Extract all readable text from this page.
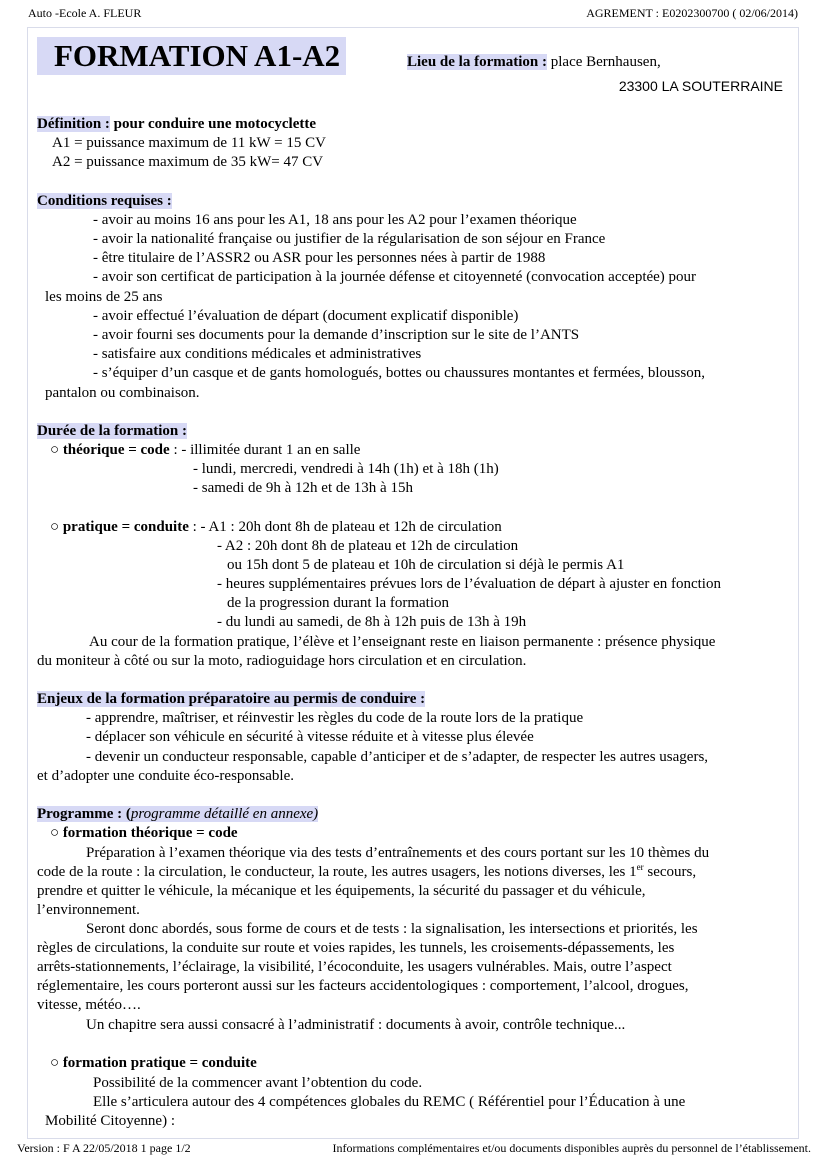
Auto -Ecole A. FLEUR	AGREMENT : E0202300700 ( 02/06/2014)
FORMATION A1-A2	Lieu de la formation : place Bernhausen,
23300 LA SOUTERRAINE
Définition : pour conduire une motocyclette
A1 = puissance maximum de 11 kW = 15 CV
A2 = puissance maximum de 35 kW= 47 CV
Conditions requises :
- avoir au moins 16 ans pour les A1, 18 ans pour les A2 pour l’examen théorique
- avoir la nationalité française ou justifier de la régularisation de son séjour en France
- être titulaire de l’ASSR2 ou ASR pour les personnes nées à partir de 1988
- avoir son certificat de participation à la journée défense et citoyenneté (convocation acceptée) pour
les moins de 25 ans
- avoir effectué l’évaluation de départ (document explicatif disponible)
- avoir fourni ses documents pour la demande d’inscription sur le site de l’ANTS
- satisfaire aux conditions médicales et administratives
- s’équiper d’un casque et de gants homologués, bottes ou chaussures montantes et fermées, blousson,
pantalon ou combinaison.
Durée de la formation :
○ théorique = code : - illimitée durant 1 an en salle
- lundi, mercredi, vendredi à 14h (1h) et à 18h (1h)
- samedi de 9h à 12h et de 13h à 15h
○ pratique = conduite : - A1 : 20h dont 8h de plateau et 12h de circulation
- A2 : 20h dont 8h de plateau et 12h de circulation
ou 15h dont 5 de plateau et 10h de circulation si déjà le permis A1
- heures supplémentaires prévues lors de l’évaluation de départ à ajuster en fonction
de la progression durant la formation
- du lundi au samedi, de 8h à 12h puis de 13h à 19h
Au cour de la formation pratique, l’élève et l’enseignant reste en liaison permanente : présence physique
du moniteur à côté ou sur la moto, radioguidage hors circulation et en circulation.
Enjeux de la formation préparatoire au permis de conduire :
- apprendre, maîtriser, et réinvestir les règles du code de la route lors de la pratique
- déplacer son véhicule en sécurité à vitesse réduite et à vitesse plus élevée
- devenir un conducteur responsable, capable d’anticiper et de s’adapter, de respecter les autres usagers,
et d’adopter une conduite éco-responsable.
Programme : (programme détaillé en annexe)
○ formation théorique = code
Préparation à l’examen théorique via des tests d’entraînements et des cours portant sur les 10 thèmes du
code de la route : la circulation, le conducteur, la route, les autres usagers, les notions diverses, les 1er secours,
prendre et quitter le véhicule, la mécanique et les équipements, la sécurité du passager et du véhicule,
l’environnement.
Seront donc abordés, sous forme de cours et de tests : la signalisation, les intersections et priorités, les
règles de circulations, la conduite sur route et voies rapides, les tunnels, les croisements-dépassements, les
arrêts-stationnements, l’éclairage, la visibilité, l’écoconduite, les usagers vulnérables. Mais, outre l’aspect
réglementaire, les cours porteront aussi sur les facteurs accidentologiques : comportement, l’alcool, drogues,
vitesse, météo….
Un chapitre sera aussi consacré à l’administratif : documents à avoir, contrôle technique...
○ formation pratique = conduite
Possibilité de la commencer avant l’obtention du code.
Elle s’articulera autour des 4 compétences globales du REMC ( Référentiel pour l’Éducation à une
Mobilité Citoyenne) :
Version : F A 22/05/2018 1 page 1/2	Informations complémentaires et/ou documents disponibles auprès du personnel de l’établissement.
